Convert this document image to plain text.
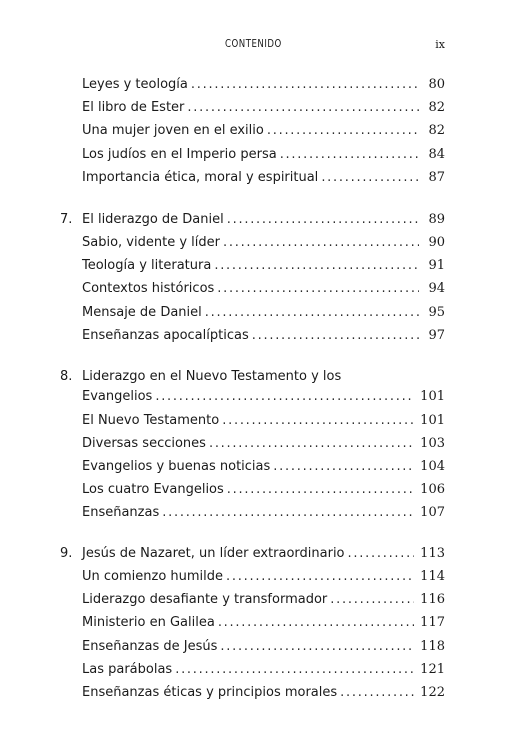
CONTENIDO	ix
Leyes y teología . . .	80
El libro de Ester . . .	82
Una mujer joven en el exilio . . .	82
Los judíos en el Imperio persa . . .	84
Importancia ética, moral y espiritual . . .	87
7. El liderazgo de Daniel . . .	89
Sabio, vidente y líder . . .	90
Teología y literatura . . .	91
Contextos históricos . . .	94
Mensaje de Daniel . . .	95
Enseñanzas apocalípticas . . .	97
8. Liderazgo en el Nuevo Testamento y los
Evangelios . . .	101
El Nuevo Testamento . . .	101
Diversas secciones . . .	103
Evangelios y buenas noticias . . .	104
Los cuatro Evangelios . . .	106
Enseñanzas . . .	107
9. Jesús de Nazaret, un líder extraordinario . . .	113
Un comienzo humilde . . .	114
Liderazgo desafiante y transformador . . .	116
Ministerio en Galilea . . .	117
Enseñanzas de Jesús . . .	118
Las parábolas . . .	121
Enseñanzas éticas y principios morales . . .	122
